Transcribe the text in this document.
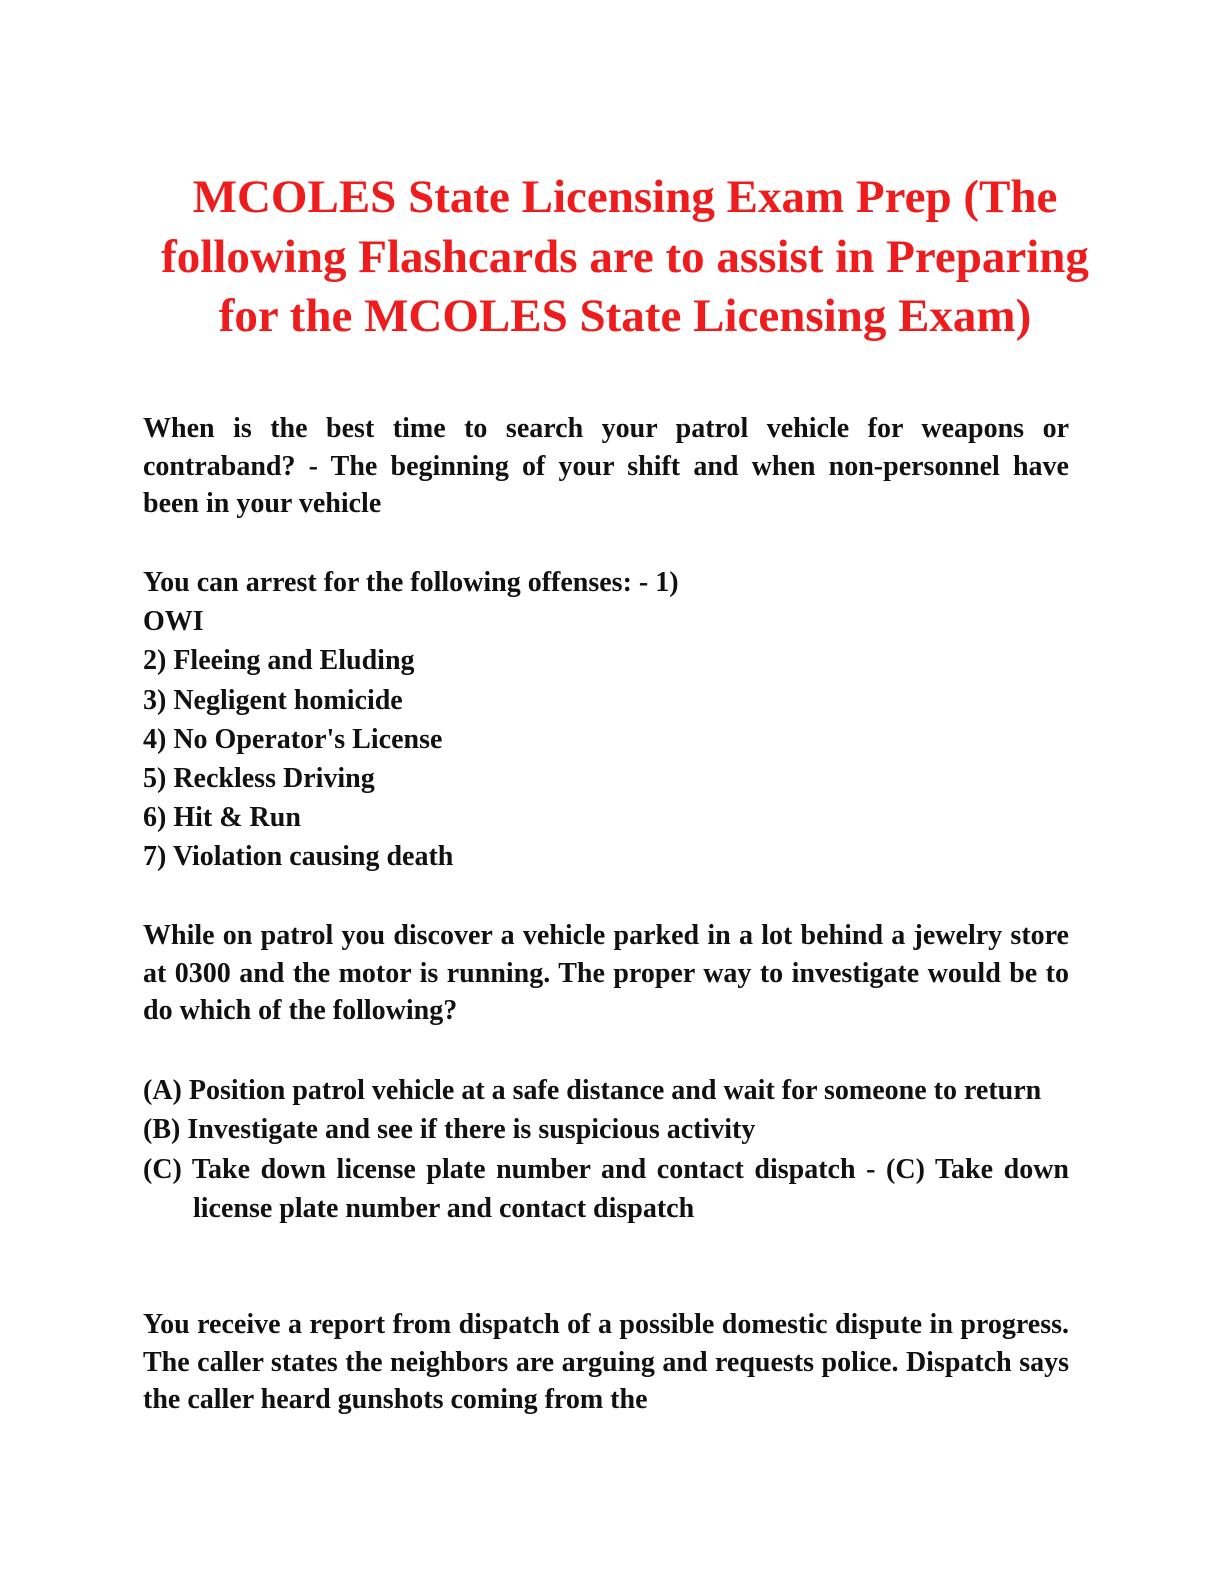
MCOLES State Licensing Exam Prep (The following Flashcards are to assist in Preparing for the MCOLES State Licensing Exam)

When is the best time to search your patrol vehicle for weapons or contraband? - The beginning of your shift and when non-personnel have been in your vehicle

You can arrest for the following offenses: - 1)
OWI
2) Fleeing and Eluding
3) Negligent homicide
4) No Operator's License
5) Reckless Driving
6) Hit & Run
7) Violation causing death

While on patrol you discover a vehicle parked in a lot behind a jewelry store at 0300 and the motor is running. The proper way to investigate would be to do which of the following?

(A) Position patrol vehicle at a safe distance and wait for someone to return
(B) Investigate and see if there is suspicious activity
(C) Take down license plate number and contact dispatch - (C) Take down license plate number and contact dispatch

You receive a report from dispatch of a possible domestic dispute in progress. The caller states the neighbors are arguing and requests police. Dispatch says the caller heard gunshots coming from the
